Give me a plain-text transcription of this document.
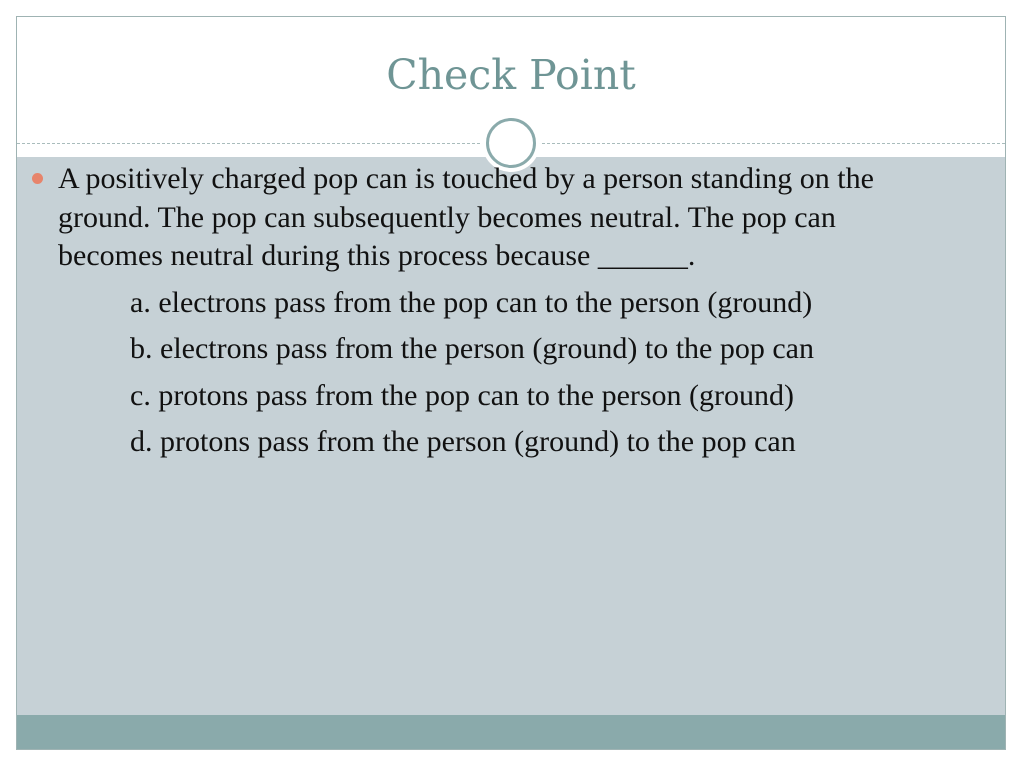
Check Point
A positively charged pop can is touched by a person standing on the ground. The pop can subsequently becomes neutral. The pop can becomes neutral during this process because ______.
a. electrons pass from the pop can to the person (ground)
b. electrons pass from the person (ground) to the pop can
c. protons pass from the pop can to the person (ground)
d. protons pass from the person (ground) to the pop can
